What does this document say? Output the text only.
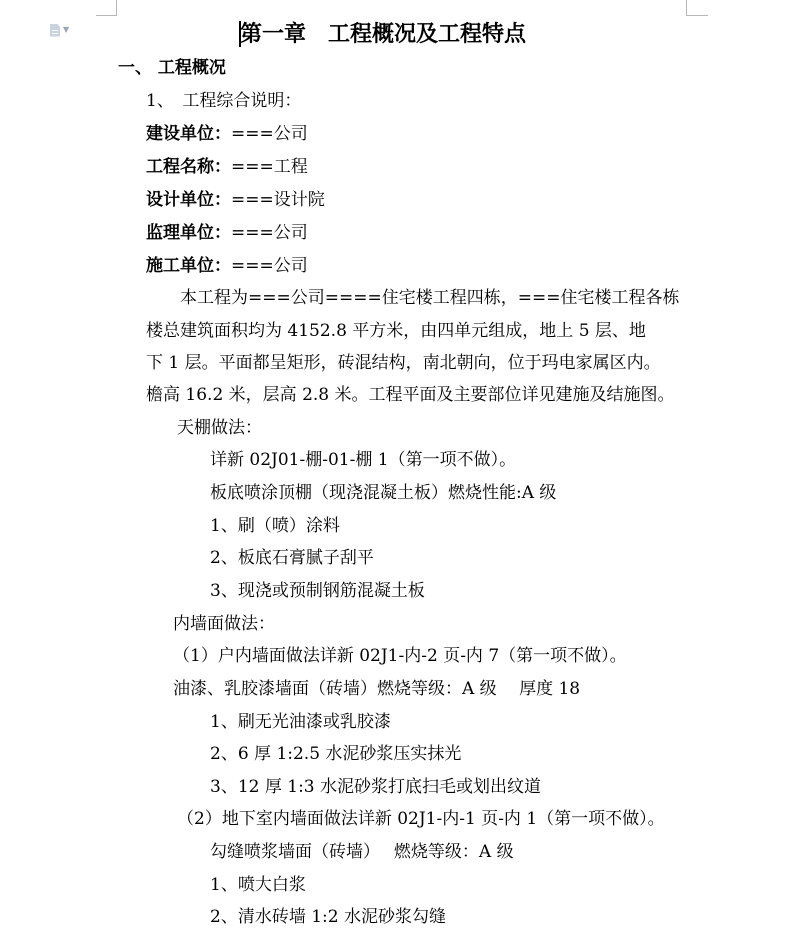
▼	第一章　工程概况及工程特点
一、 工程概况
1、　工程综合说明：
建设单位：===公司
工程名称：===工程
设计单位：===设计院
监理单位：===公司
施工单位：===公司
本工程为===公司====住宅楼工程四栋，===住宅楼工程各栋
楼总建筑面积均为 4152.8 平方米，由四单元组成，地上 5 层、地
下 1 层。平面都呈矩形，砖混结构，南北朝向，位于玛电家属区内。
檐高 16.2 米，层高 2.8 米。工程平面及主要部位详见建施及结施图。
天棚做法：
详新 02J01-棚-01-棚 1（第一项不做）。
板底喷涂顶棚（现浇混凝土板）燃烧性能:A 级
1、刷（喷）涂料
2、板底石膏腻子刮平
3、现浇或预制钢筋混凝土板
内墙面做法：
（1）户内墙面做法详新 02J1-内-2 页-内 7（第一项不做）。
油漆、乳胶漆墙面（砖墙）燃烧等级：A 级　 厚度 18
1、刷无光油漆或乳胶漆
2、6 厚 1:2.5 水泥砂浆压实抹光
3、12 厚 1:3 水泥砂浆打底扫毛或划出纹道
（2）地下室内墙面做法详新 02J1-内-1 页-内 1（第一项不做）。
勾缝喷浆墙面（砖墙）　 燃烧等级：A 级
1、喷大白浆
2、清水砖墙 1:2 水泥砂浆勾缝
